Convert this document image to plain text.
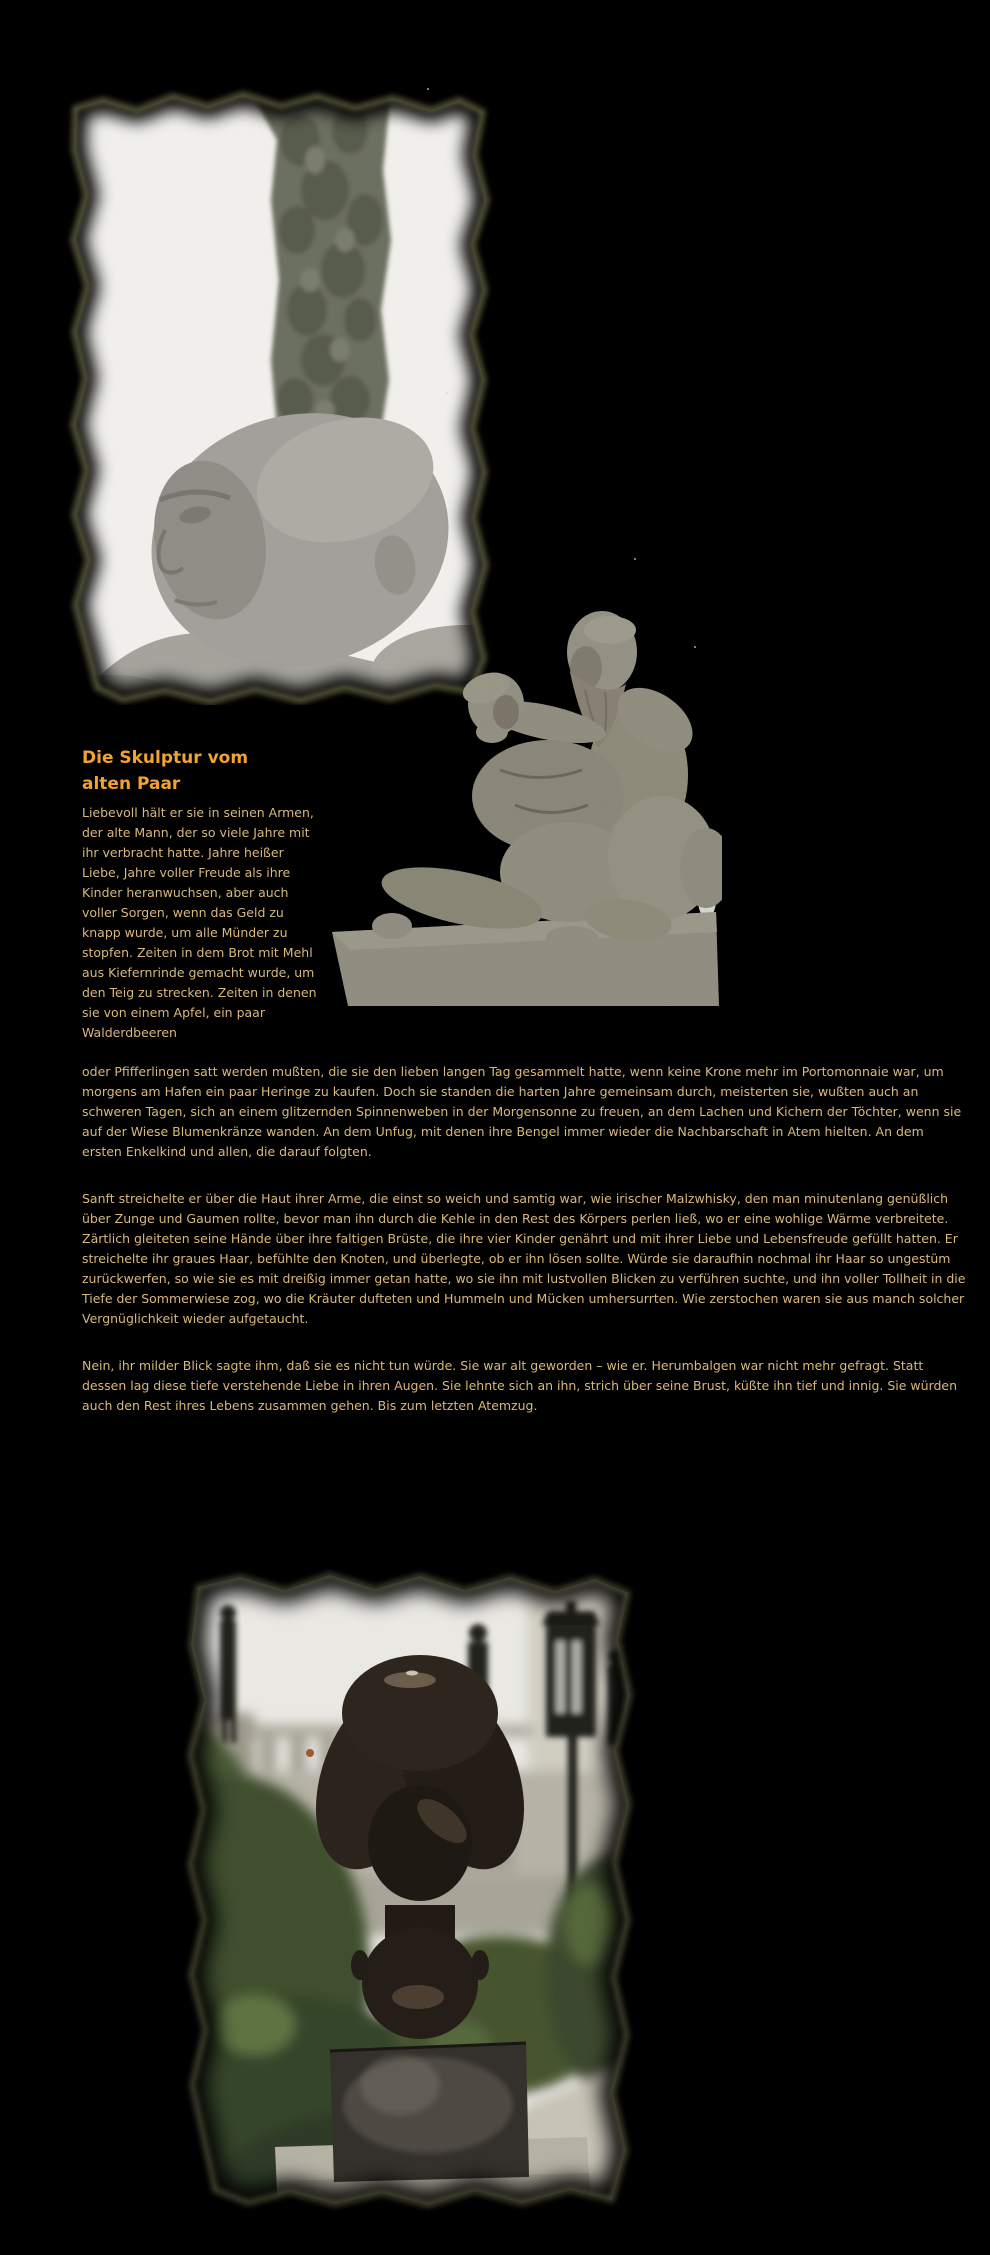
Die Skulptur vom
alten Paar
Liebevoll hält er sie in seinen Armen, der alte Mann, der so viele Jahre mit ihr verbracht hatte. Jahre heißer Liebe, Jahre voller Freude als ihre Kinder heranwuchsen, aber auch voller Sorgen, wenn das Geld zu knapp wurde, um alle Münder zu stopfen. Zeiten in dem Brot mit Mehl aus Kiefernrinde gemacht wurde, um den Teig zu strecken. Zeiten in denen sie von einem Apfel, ein paar Walderdbeeren

oder Pfifferlingen satt werden mußten, die sie den lieben langen Tag gesammelt hatte, wenn keine Krone mehr im Portomonnaie war, um morgens am Hafen ein paar Heringe zu kaufen. Doch sie standen die harten Jahre gemeinsam durch, meisterten sie, wußten auch an schweren Tagen, sich an einem glitzernden Spinnenweben in der Morgensonne zu freuen, an dem Lachen und Kichern der Töchter, wenn sie auf der Wiese Blumenkränze wanden. An dem Unfug, mit denen ihre Bengel immer wieder die Nachbarschaft in Atem hielten. An dem ersten Enkelkind und allen, die darauf folgten.

Sanft streichelte er über die Haut ihrer Arme, die einst so weich und samtig war, wie irischer Malzwhisky, den man minutenlang genüßlich über Zunge und Gaumen rollte, bevor man ihn durch die Kehle in den Rest des Körpers perlen ließ, wo er eine wohlige Wärme verbreitete. Zärtlich gleiteten seine Hände über ihre faltigen Brüste, die ihre vier Kinder genährt und mit ihrer Liebe und Lebensfreude gefüllt hatten. Er streichelte ihr graues Haar, befühlte den Knoten, und überlegte, ob er ihn lösen sollte. Würde sie daraufhin nochmal ihr Haar so ungestüm zurückwerfen, so wie sie es mit dreißig immer getan hatte, wo sie ihn mit lustvollen Blicken zu verführen suchte, und ihn voller Tollheit in die Tiefe der Sommerwiese zog, wo die Kräuter dufteten und Hummeln und Mücken umhersurrten. Wie zerstochen waren sie aus manch solcher Vergnüglichkeit wieder aufgetaucht.

Nein, ihr milder Blick sagte ihm, daß sie es nicht tun würde. Sie war alt geworden – wie er. Herumbalgen war nicht mehr gefragt. Statt dessen lag diese tiefe verstehende Liebe in ihren Augen. Sie lehnte sich an ihn, strich über seine Brust, küßte ihn tief und innig. Sie würden auch den Rest ihres Lebens zusammen gehen. Bis zum letzten Atemzug.
